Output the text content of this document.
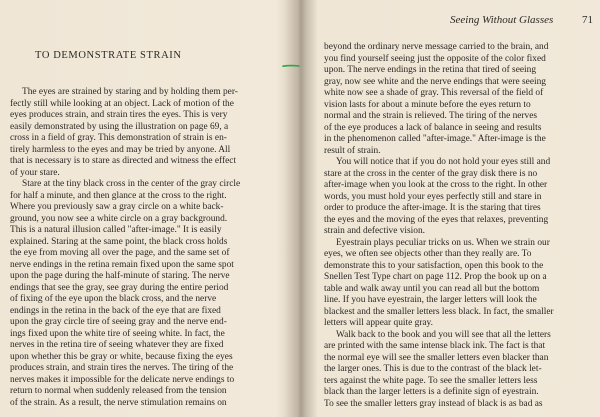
TO DEMONSTRATE STRAIN
The eyes are strained by staring and by holding them per-
fectly still while looking at an object. Lack of motion of the
eyes produces strain, and strain tires the eyes. This is very
easily demonstrated by using the illustration on page 69, a
cross in a field of gray. This demonstration of strain is en-
tirely harmless to the eyes and may be tried by anyone. All
that is necessary is to stare as directed and witness the effect
of your stare.
Stare at the tiny black cross in the center of the gray circle
for half a minute, and then glance at the cross to the right.
Where you previously saw a gray circle on a white back-
ground, you now see a white circle on a gray background.
This is a natural illusion called "after-image." It is easily
explained. Staring at the same point, the black cross holds
the eye from moving all over the page, and the same set of
nerve endings in the retina remain fixed upon the same spot
upon the page during the half-minute of staring. The nerve
endings that see the gray, see gray during the entire period
of fixing of the eye upon the black cross, and the nerve
endings in the retina in the back of the eye that are fixed
upon the gray circle tire of seeing gray and the nerve end-
ings fixed upon the white tire of seeing white. In fact, the
nerves in the retina tire of seeing whatever they are fixed
upon whether this be gray or white, because fixing the eyes
produces strain, and strain tires the nerves. The tiring of the
nerves makes it impossible for the delicate nerve endings to
return to normal when suddenly released from the tension
of the strain. As a result, the nerve stimulation remains on
Seeing Without Glasses	71
beyond the ordinary nerve message carried to the brain, and
you find yourself seeing just the opposite of the color fixed
upon. The nerve endings in the retina that tired of seeing
gray, now see white and the nerve endings that were seeing
white now see a shade of gray. This reversal of the field of
vision lasts for about a minute before the eyes return to
normal and the strain is relieved. The tiring of the nerves
of the eye produces a lack of balance in seeing and results
in the phenomenon called "after-image." After-image is the
result of strain.
You will notice that if you do not hold your eyes still and
stare at the cross in the center of the gray disk there is no
after-image when you look at the cross to the right. In other
words, you must hold your eyes perfectly still and stare in
order to produce the after-image. It is the staring that tires
the eyes and the moving of the eyes that relaxes, preventing
strain and defective vision.
Eyestrain plays peculiar tricks on us. When we strain our
eyes, we often see objects other than they really are. To
demonstrate this to your satisfaction, open this book to the
Snellen Test Type chart on page 112. Prop the book up on a
table and walk away until you can read all but the bottom
line. If you have eyestrain, the larger letters will look the
blackest and the smaller letters less black. In fact, the smaller
letters will appear quite gray.
Walk back to the book and you will see that all the letters
are printed with the same intense black ink. The fact is that
the normal eye will see the smaller letters even blacker than
the larger ones. This is due to the contrast of the black let-
ters against the white page. To see the smaller letters less
black than the larger letters is a definite sign of eyestrain.
To see the smaller letters gray instead of black is as bad as
